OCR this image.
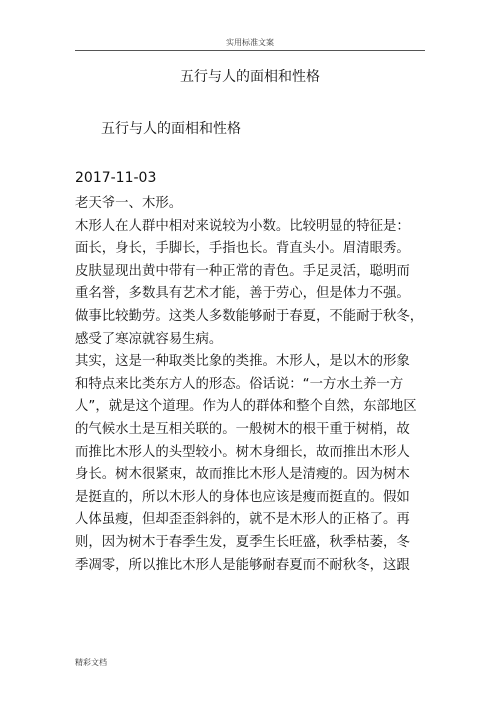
实用标准文案
五行与人的面相和性格
五行与人的面相和性格
2017-11-03
老天爷一、木形。
木形人在人群中相对来说较为小数。比较明显的特征是：
面长，身长，手脚长，手指也长。背直头小。眉清眼秀。
皮肤显现出黄中带有一种正常的青色。手足灵活，聪明而
重名誉，多数具有艺术才能，善于劳心，但是体力不强。
做事比较勤劳。这类人多数能够耐于春夏，不能耐于秋冬，
感受了寒凉就容易生病。
其实，这是一种取类比象的类推。木形人，是以木的形象
和特点来比类东方人的形态。俗话说：“一方水土养一方
人”，就是这个道理。作为人的群体和整个自然，东部地区
的气候水土是互相关联的。一般树木的根干重于树梢，故
而推比木形人的头型较小。树木身细长，故而推出木形人
身长。树木很紧束，故而推比木形人是清瘦的。因为树木
是挺直的，所以木形人的身体也应该是瘦而挺直的。假如
人体虽瘦，但却歪歪斜斜的，就不是木形人的正格了。再
则，因为树木于春季生发，夏季生长旺盛，秋季枯萎，冬
季凋零，所以推比木形人是能够耐春夏而不耐秋冬，这跟
精彩文档
